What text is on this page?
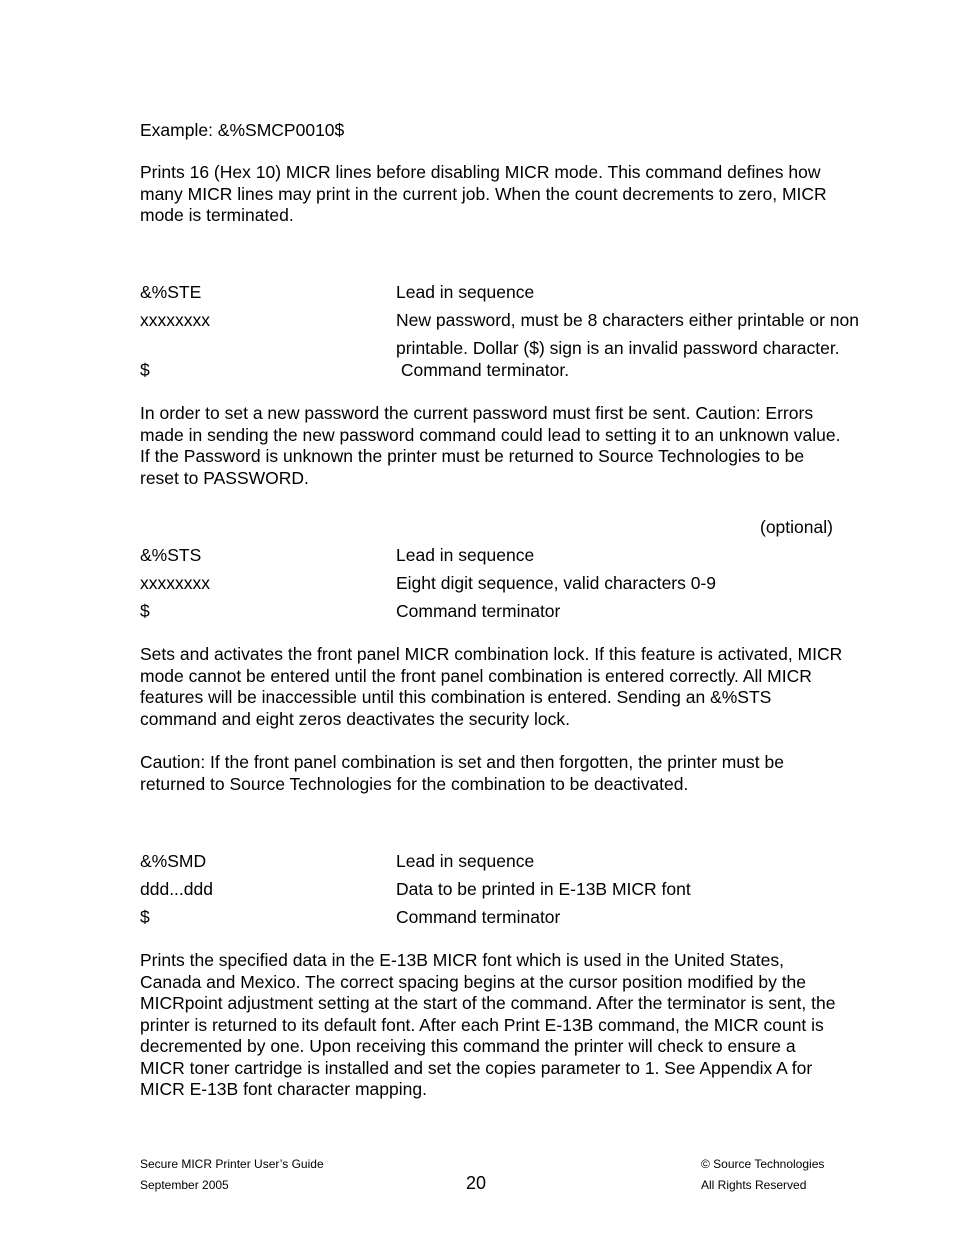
Example: &%SMCP0010$
Prints 16 (Hex 10) MICR lines before disabling MICR mode. This command defines how
many MICR lines may print in the current job. When the count decrements to zero, MICR
mode is terminated.
&%STE	Lead in sequence
xxxxxxxx	New password, must be 8 characters either printable or non
printable. Dollar ($) sign is an invalid password character.
$	Command terminator.
In order to set a new password the current password must first be sent. Caution: Errors
made in sending the new password command could lead to setting it to an unknown value.
If the Password is unknown the printer must be returned to Source Technologies to be
reset to PASSWORD.
(optional)
&%STS	Lead in sequence
xxxxxxxx	Eight digit sequence, valid characters 0-9
$	Command terminator
Sets and activates the front panel MICR combination lock. If this feature is activated, MICR
mode cannot be entered until the front panel combination is entered correctly. All MICR
features will be inaccessible until this combination is entered. Sending an &%STS
command and eight zeros deactivates the security lock.
Caution: If the front panel combination is set and then forgotten, the printer must be
returned to Source Technologies for the combination to be deactivated.
&%SMD	Lead in sequence
ddd...ddd	Data to be printed in E-13B MICR font
$	Command terminator
Prints the specified data in the E-13B MICR font which is used in the United States,
Canada and Mexico. The correct spacing begins at the cursor position modified by the
MICRpoint adjustment setting at the start of the command. After the terminator is sent, the
printer is returned to its default font. After each Print E-13B command, the MICR count is
decremented by one. Upon receiving this command the printer will check to ensure a
MICR toner cartridge is installed and set the copies parameter to 1. See Appendix A for
MICR E-13B font character mapping.
Secure MICR Printer User’s Guide
September 2005	20
© Source Technologies
All Rights Reserved
